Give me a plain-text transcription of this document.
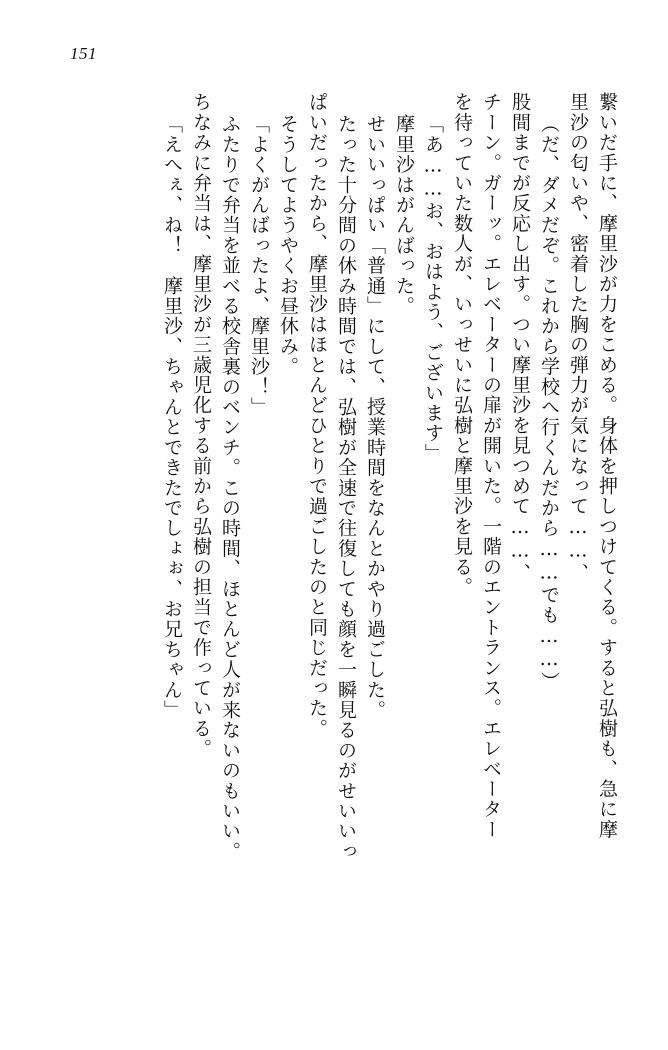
151
繋いだ手に、摩里沙が力をこめる。身体を押しつけてくる。すると弘樹も、急に摩
里沙の匂いや、密着した胸の弾力が気になって……、
（だ、ダメだぞ。これから学校へ行くんだから……でも……）
股間までが反応し出す。つい摩里沙を見つめて……、
チーン。ガーッ。エレベーターの扉が開いた。一階のエントランス。エレベーター
を待っていた数人が、いっせいに弘樹と摩里沙を見る。
「あ……お、おはよう、ございます」
摩里沙はがんばった。
せいいっぱい「普通」にして、授業時間をなんとかやり過ごした。
たった十分間の休み時間では、弘樹が全速で往復しても顔を一瞬見るのがせいいっ
ぱいだったから、摩里沙はほとんどひとりで過ごしたのと同じだった。
そうしてようやくお昼休み。
「よくがんばったよ、摩里沙！」
ふたりで弁当を並べる校舎裏のベンチ。この時間、ほとんど人が来ないのもいい。
ちなみに弁当は、摩里沙が三歳児化する前から弘樹の担当で作っている。
「えへぇ、ね！　摩里沙、ちゃんとできたでしょぉ、お兄ちゃん」
